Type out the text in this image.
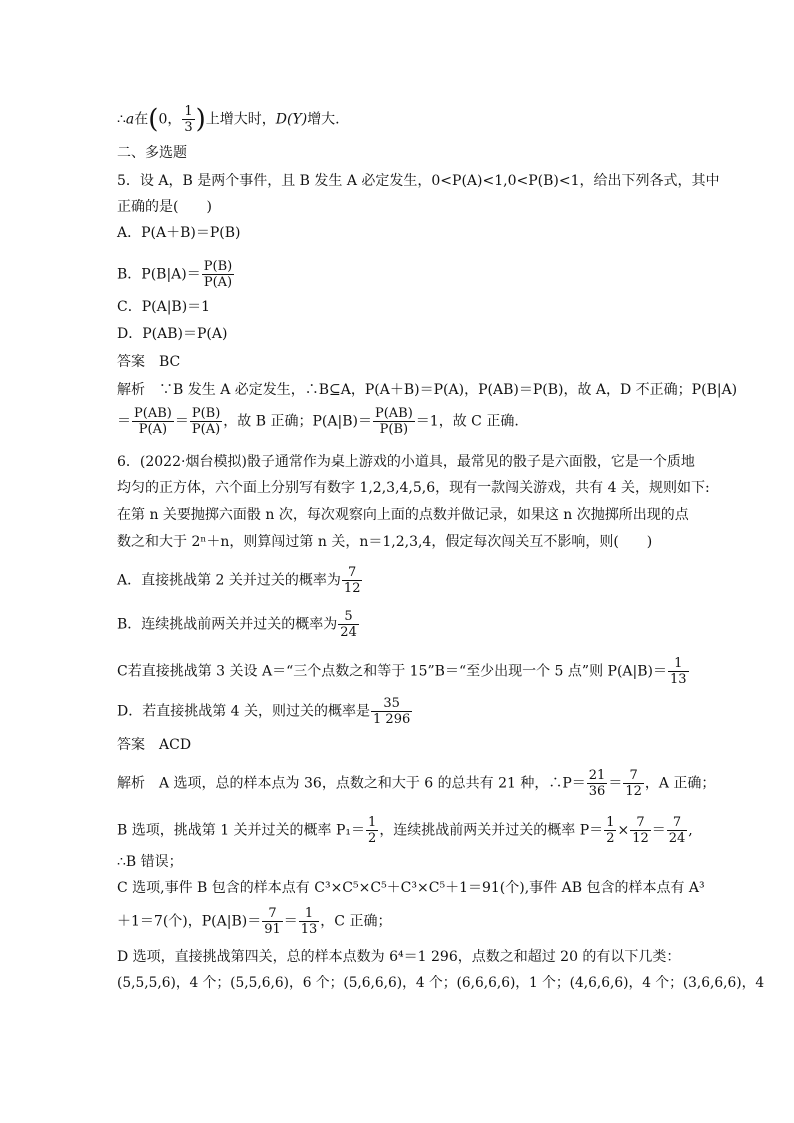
∴a在(0， $\frac{1}{3}$ )上增大时，D(Y)增大.
二、多选题
5．设 A，B 是两个事件，且 B 发生 A 必定发生，0<P(A)<1,0<P(B)<1，给出下列各式，其中
正确的是(　　)
A．P(A＋B)＝P(B)
B．$P(B|A)= \frac{P(B)}{P(A)}$
C．P(A|B)＝1
D．P(AB)＝P(A)
答案　BC
解析　∵B 发生 A 必定发生，∴B⊆A，P(A＋B)＝P(A)，P(AB)＝P(B)，故 A，D 不正确；P(B|A)
＝ $\frac{P(AB)}{P(A)} = \frac{P(B)}{P(A)}$ ，故 B 正确；$P(A|B)= \frac{P(AB)}{P(B)} =1$，故 C 正确.
6．(2022·烟台模拟)骰子通常作为桌上游戏的小道具，最常见的骰子是六面骰，它是一个质地
均匀的正方体，六个面上分别写有数字 1,2,3,4,5,6，现有一款闯关游戏，共有 4 关，规则如下:
在第 n 关要抛掷六面骰 n 次，每次观察向上面的点数并做记录，如果这 n 次抛掷所出现的点
数之和大于 2ⁿ＋n，则算闯过第 n 关，n＝1,2,3,4，假定每次闯关互不影响，则(　　)
A．直接挑战第 2 关并过关的概率为 $\frac{7}{12}$
B．连续挑战前两关并过关的概率为 $\frac{5}{24}$
C若直接挑战第 3 关设 A＝“三个点数之和等于 15”B＝“至少出现一个 5 点”则 $P(A|B)= \frac{1}{13}$
D．若直接挑战第 4 关，则过关的概率是 $\frac{35}{1 296}$
答案　ACD
解析　A 选项，总的样本点为 36，点数之和大于 6 的总共有 21 种，∴P＝ $\frac{21}{36} = \frac{7}{12}$ ，A 正确；
B 选项，挑战第 1 关并过关的概率 $P_1= \frac{1}{2}$ ，连续挑战前两关并过关的概率 $P= \frac{1}{2} \times \frac{7}{12} = \frac{7}{24}$ ,
∴B 错误；
C 选项,事件 B 包含的样本点有 C³×C⁵×C⁵＋C³×C⁵＋1＝91(个),事件 AB 包含的样本点有 A³
＋1＝7(个)，$P(A|B)= \frac{7}{91} = \frac{1}{13}$ ，C 正确；
D 选项，直接挑战第四关，总的样本点数为 6⁴＝1 296，点数之和超过 20 的有以下几类：
(5,5,5,6)，4 个；(5,5,6,6)，6 个；(5,6,6,6)，4 个；(6,6,6,6)，1 个；(4,6,6,6)，4 个；(3,6,6,6)，4
